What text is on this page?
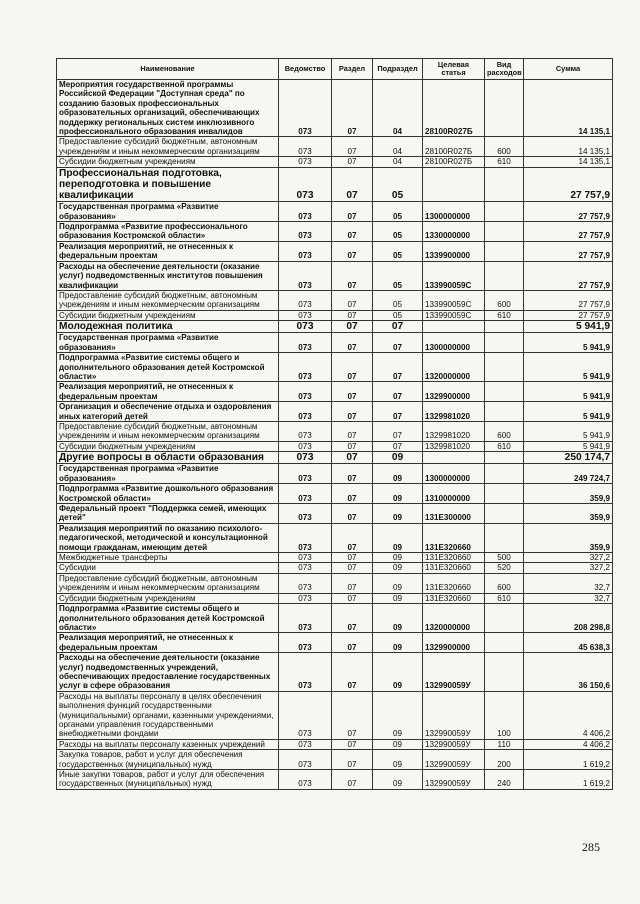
Наименование	Ведомство	Раздел	Подраздел	Целевая статья	Вид расходов	Сумма
Мероприятия государственной программы Российской Федерации "Доступная среда" по созданию базовых профессиональных образовательных организаций, обеспечивающих поддержку региональных систем инклюзивного профессионального образования инвалидов	073	07	04	28100R027Б		14 135,1
Предоставление субсидий бюджетным, автономным учреждениям и иным некоммерческим организациям	073	07	04	28100R027Б	600	14 135,1
Субсидии бюджетным учреждениям	073	07	04	28100R027Б	610	14 135,1
Профессиональная подготовка, переподготовка и повышение квалификации	073	07	05			27 757,9
Государственная программа «Развитие образования»	073	07	05	1300000000		27 757,9
Подпрограмма «Развитие профессионального образования Костромской области»	073	07	05	1330000000		27 757,9
Реализация мероприятий, не отнесенных к федеральным проектам	073	07	05	1339900000		27 757,9
Расходы на обеспечение деятельности (оказание услуг) подведомственных институтов повышения квалификации	073	07	05	133990059С		27 757,9
Предоставление субсидий бюджетным, автономным учреждениям и иным некоммерческим организациям	073	07	05	133990059С	600	27 757,9
Субсидии бюджетным учреждениям	073	07	05	133990059С	610	27 757,9
Молодежная политика	073	07	07			5 941,9
Государственная программа «Развитие образования»	073	07	07	1300000000		5 941,9
Подпрограмма «Развитие системы общего и дополнительного образования детей Костромской области»	073	07	07	1320000000		5 941,9
Реализация мероприятий, не отнесенных к федеральным проектам	073	07	07	1329900000		5 941,9
Организация и обеспечение отдыха и оздоровления иных категорий детей	073	07	07	1329981020		5 941,9
Предоставление субсидий бюджетным, автономным учреждениям и иным некоммерческим организациям	073	07	07	1329981020	600	5 941,9
Субсидии бюджетным учреждениям	073	07	07	1329981020	610	5 941,9
Другие вопросы в области образования	073	07	09			250 174,7
Государственная программа «Развитие образования»	073	07	09	1300000000		249 724,7
Подпрограмма «Развитие дошкольного образования Костромской области»	073	07	09	1310000000		359,9
Федеральный проект "Поддержка семей, имеющих детей"	073	07	09	131Е300000		359,9
Реализация мероприятий по оказанию психолого-педагогической, методической и консультационной помощи гражданам, имеющим детей	073	07	09	131Е320660		359,9
Межбюджетные трансферты	073	07	09	131Е320660	500	327,2
Субсидии	073	07	09	131Е320660	520	327,2
Предоставление субсидий бюджетным, автономным учреждениям и иным некоммерческим организациям	073	07	09	131Е320660	600	32,7
Субсидии бюджетным учреждениям	073	07	09	131Е320660	610	32,7
Подпрограмма «Развитие системы общего и дополнительного образования детей Костромской области»	073	07	09	1320000000		208 298,8
Реализация мероприятий, не отнесенных к федеральным проектам	073	07	09	1329900000		45 638,3
Расходы на обеспечение деятельности (оказание услуг) подведомственных учреждений, обеспечивающих предоставление государственных услуг в сфере образования	073	07	09	132990059У		36 150,6
Расходы на выплаты персоналу в целях обеспечения выполнения функций государственными (муниципальными) органами, казенными учреждениями, органами управления государственными внебюджетными фондами	073	07	09	132990059У	100	4 406,2
Расходы на выплаты персоналу казенных учреждений	073	07	09	132990059У	110	4 406,2
Закупка товаров, работ и услуг для обеспечения государственных (муниципальных) нужд	073	07	09	132990059У	200	1 619,2
Иные закупки товаров, работ и услуг для обеспечения государственных (муниципальных) нужд	073	07	09	132990059У	240	1 619,2
285
